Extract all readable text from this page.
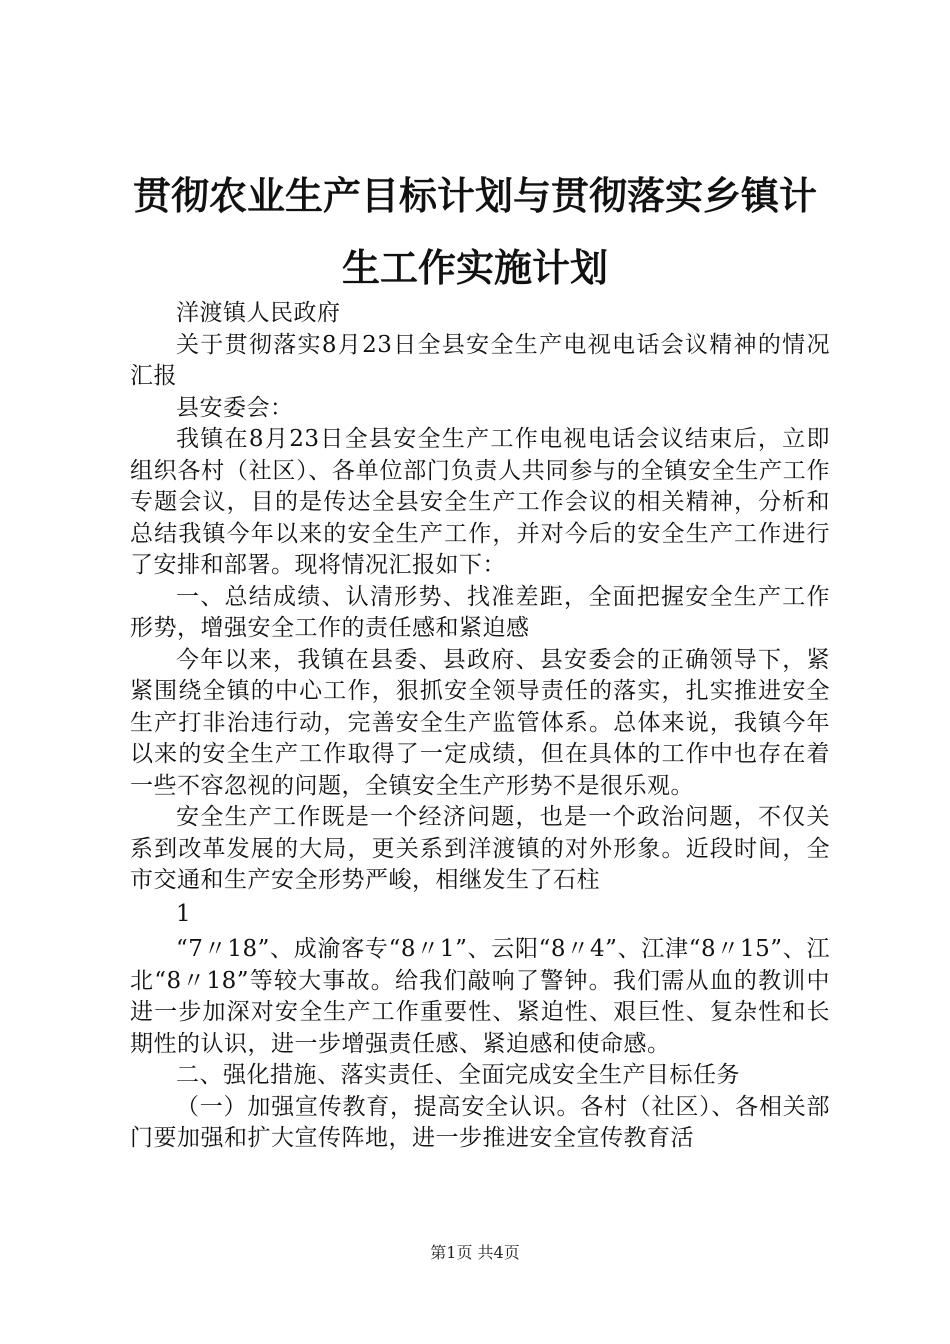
贯彻农业生产目标计划与贯彻落实乡镇计生工作实施计划

洋渡镇人民政府

关于贯彻落实8月23日全县安全生产电视电话会议精神的情况汇报

县安委会：

我镇在8月23日全县安全生产工作电视电话会议结束后，立即组织各村（社区）、各单位部门负责人共同参与的全镇安全生产工作专题会议，目的是传达全县安全生产工作会议的相关精神，分析和总结我镇今年以来的安全生产工作，并对今后的安全生产工作进行了安排和部署。现将情况汇报如下：

一、总结成绩、认清形势、找准差距，全面把握安全生产工作形势，增强安全工作的责任感和紧迫感

今年以来，我镇在县委、县政府、县安委会的正确领导下，紧紧围绕全镇的中心工作，狠抓安全领导责任的落实，扎实推进安全生产打非治违行动，完善安全生产监管体系。总体来说，我镇今年以来的安全生产工作取得了一定成绩，但在具体的工作中也存在着一些不容忽视的问题，全镇安全生产形势不是很乐观。

安全生产工作既是一个经济问题，也是一个政治问题，不仅关系到改革发展的大局，更关系到洋渡镇的对外形象。近段时间，全市交通和生产安全形势严峻，相继发生了石柱

1

“7〃18”、成渝客专“8〃1”、云阳“8〃4”、江津“8〃15”、江北“8〃18”等较大事故。给我们敲响了警钟。我们需从血的教训中进一步加深对安全生产工作重要性、紧迫性、艰巨性、复杂性和长期性的认识，进一步增强责任感、紧迫感和使命感。

二、强化措施、落实责任、全面完成安全生产目标任务

（一）加强宣传教育，提高安全认识。各村（社区）、各相关部门要加强和扩大宣传阵地，进一步推进安全宣传教育活

第1页 共4页
